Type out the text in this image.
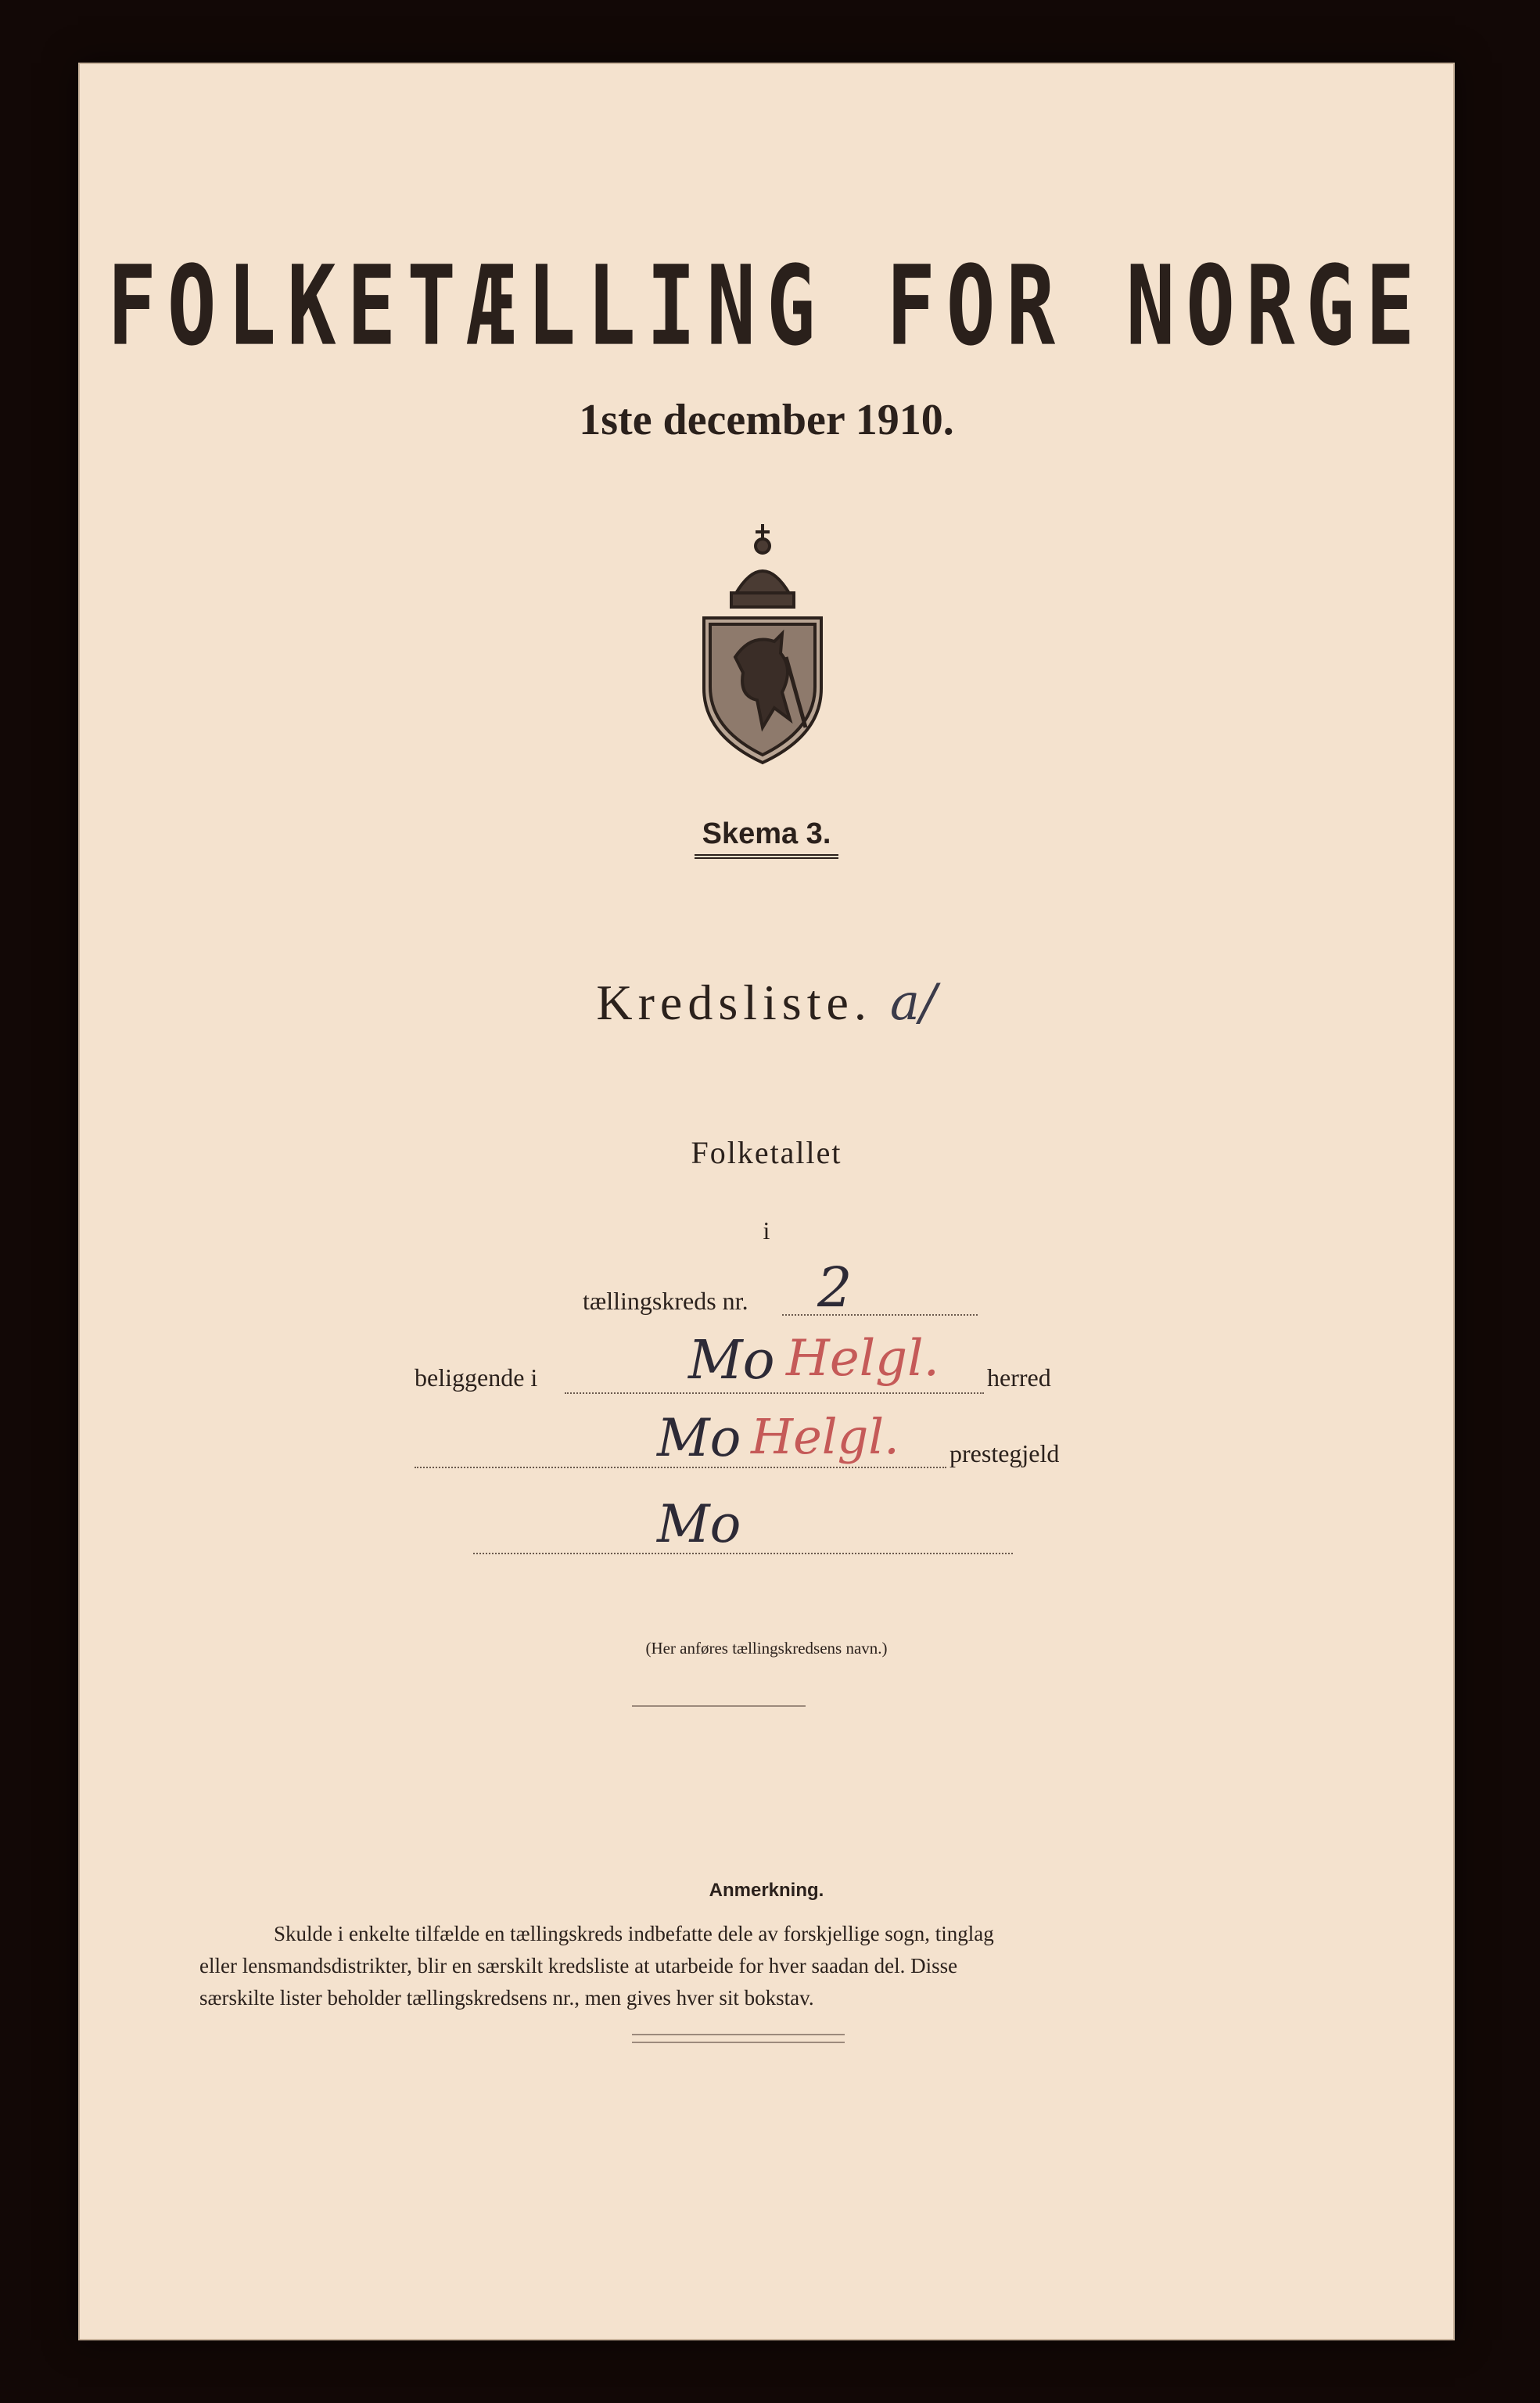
FOLKETÆLLING FOR NORGE
1ste december 1910.
Skema 3.
Kredsliste. a/
Folketallet
i
tællingskreds nr. 2
beliggende i	Mo Helgl. herred
Mo Helgl. prestegjeld
Mo
(Her anføres tællingskredsens navn.)
Anmerkning.

Skulde i enkelte tilfælde en tællingskreds indbefatte dele av forskjellige sogn, tinglag

eller lensmandsdistrikter, blir en særskilt kredsliste at utarbeide for hver saadan del. Disse

særskilte lister beholder tællingskredsens nr., men gives hver sit bokstav.
